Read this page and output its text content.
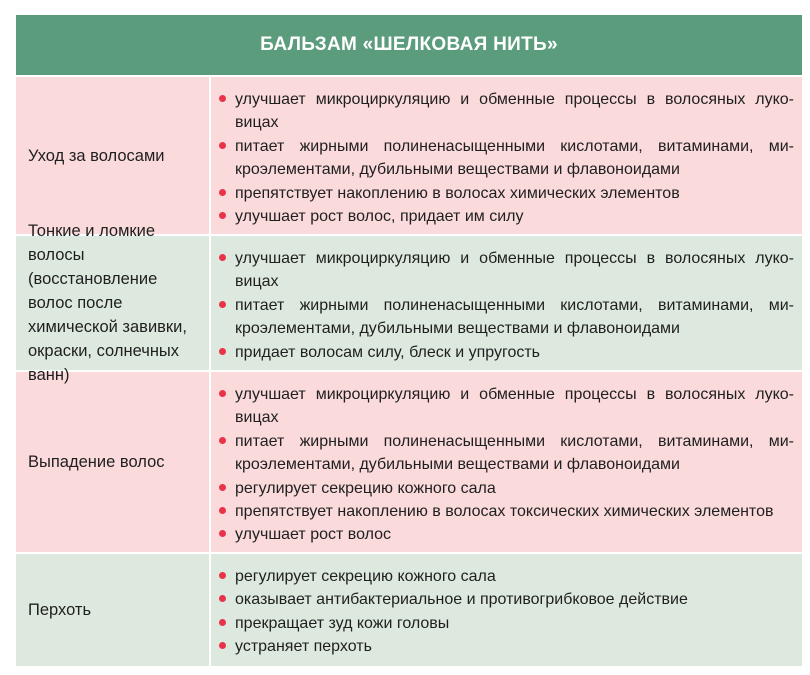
БАЛЬЗАМ «ШЕЛКОВАЯ НИТЬ»
Уход за волосами
улучшает микроциркуляцию и обменные процессы в волосяных луко-вицах
питает жирными полиненасыщенными кислотами, витаминами, ми-кроэлементами, дубильными веществами и флавоноидами
препятствует накоплению в волосах химических элементов
улучшает рост волос, придает им силу
волосы (восстановление волос после химической завивки, окраски, солнечных
улучшает микроциркуляцию и обменные процессы в волосяных луко-вицах
питает жирными полиненасыщенными кислотами, витаминами, ми-кроэлементами, дубильными веществами и флавоноидами
придает волосам силу, блеск и упругость
Выпадение волос
улучшает микроциркуляцию и обменные процессы в волосяных луко-вицах
питает жирными полиненасыщенными кислотами, витаминами, ми-кроэлементами, дубильными веществами и флавоноидами
регулирует секрецию кожного сала
препятствует накоплению в волосах токсических химических элементов
улучшает рост волос
Перхоть
регулирует секрецию кожного сала
оказывает антибактериальное и противогрибковое действие
прекращает зуд кожи головы
устраняет перхоть
